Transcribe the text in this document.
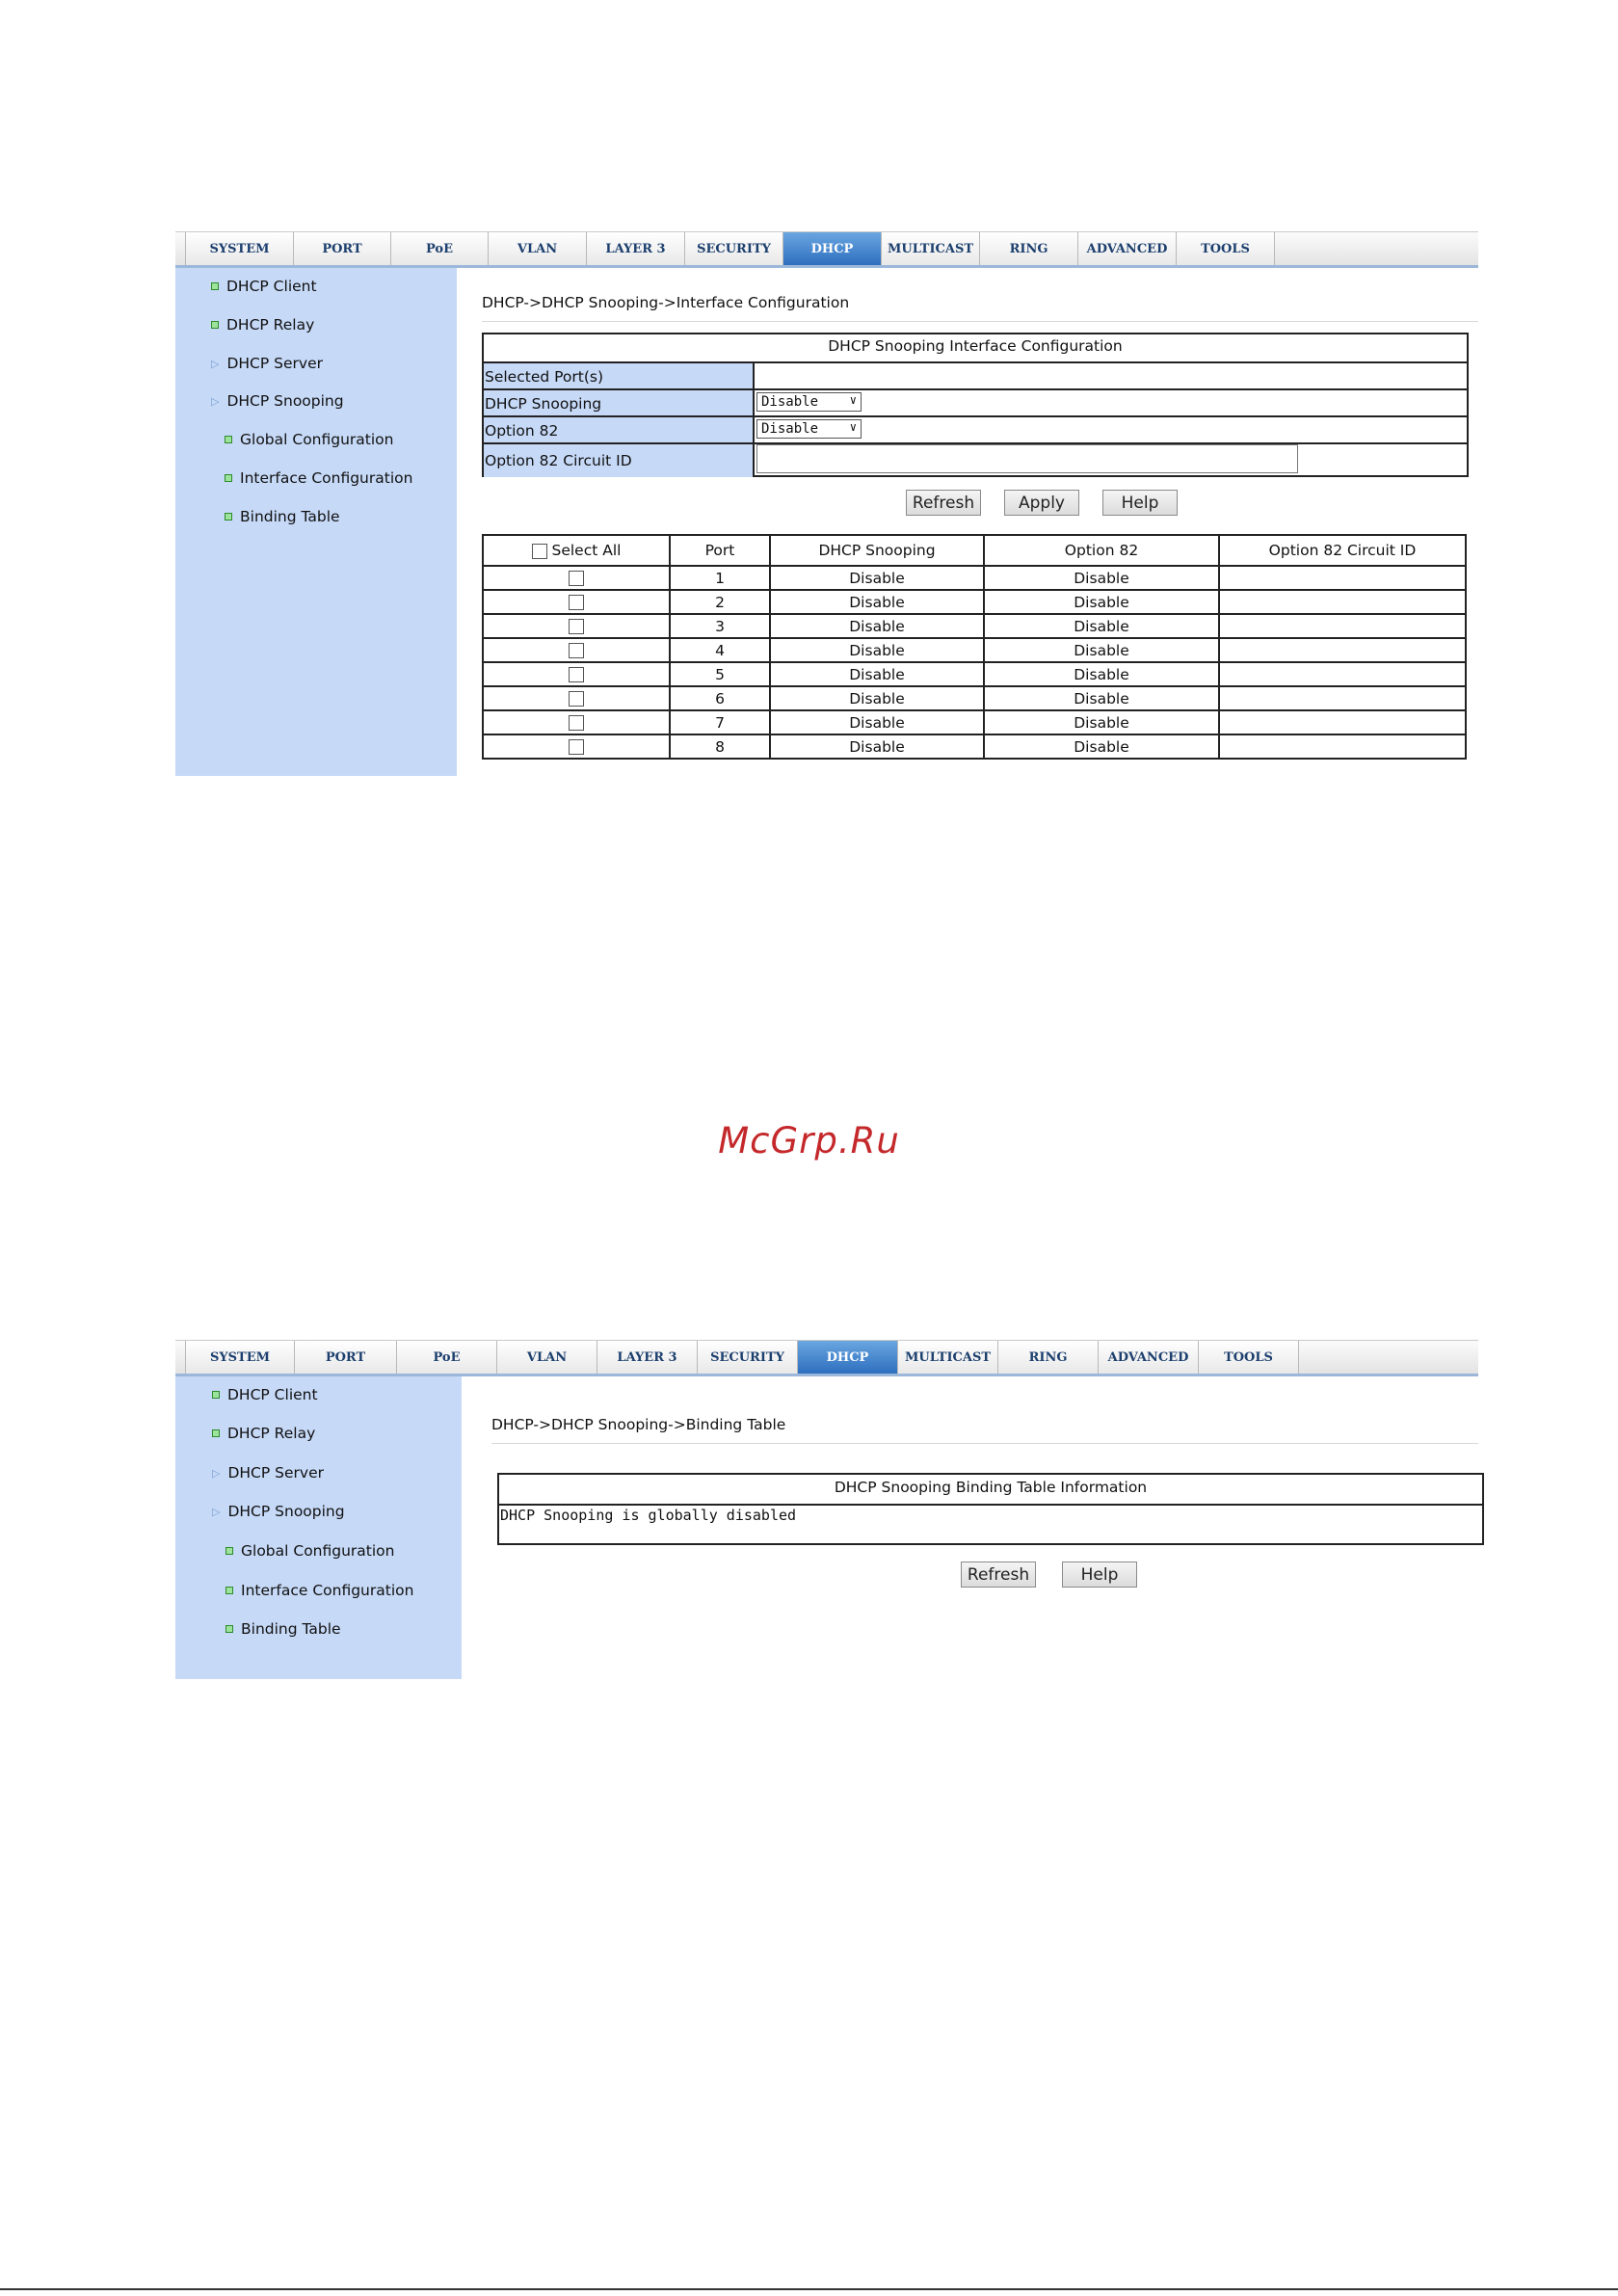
SYSTEM	PORT	PoE	VLAN	LAYER 3	SECURITY	DHCP	MULTICAST	RING	ADVANCED	TOOLS
DHCP Client
DHCP Relay
▷ DHCP Server
▷ DHCP Snooping
Global Configuration
Interface Configuration
Binding Table
DHCP->DHCP Snooping->Interface Configuration
DHCP Snooping Interface Configuration
Selected Port(s)
DHCP Snooping	Disable	∨
Option 82	Disable	∨
Option 82 Circuit ID
Refresh	Apply	Help
Select All	Port	DHCP Snooping	Option 82	Option 82 Circuit ID
	1	Disable	Disable	
	2	Disable	Disable	
	3	Disable	Disable	
	4	Disable	Disable	
	5	Disable	Disable	
	6	Disable	Disable	
	7	Disable	Disable	
	8	Disable	Disable	
McGrp.Ru
SYSTEM	PORT	PoE	VLAN	LAYER 3	SECURITY	DHCP	MULTICAST	RING	ADVANCED	TOOLS
DHCP Client
DHCP Relay
▷ DHCP Server
▷ DHCP Snooping
Global Configuration
Interface Configuration
Binding Table
DHCP->DHCP Snooping->Binding Table
DHCP Snooping Binding Table Information
DHCP Snooping is globally disabled
Refresh	Help
